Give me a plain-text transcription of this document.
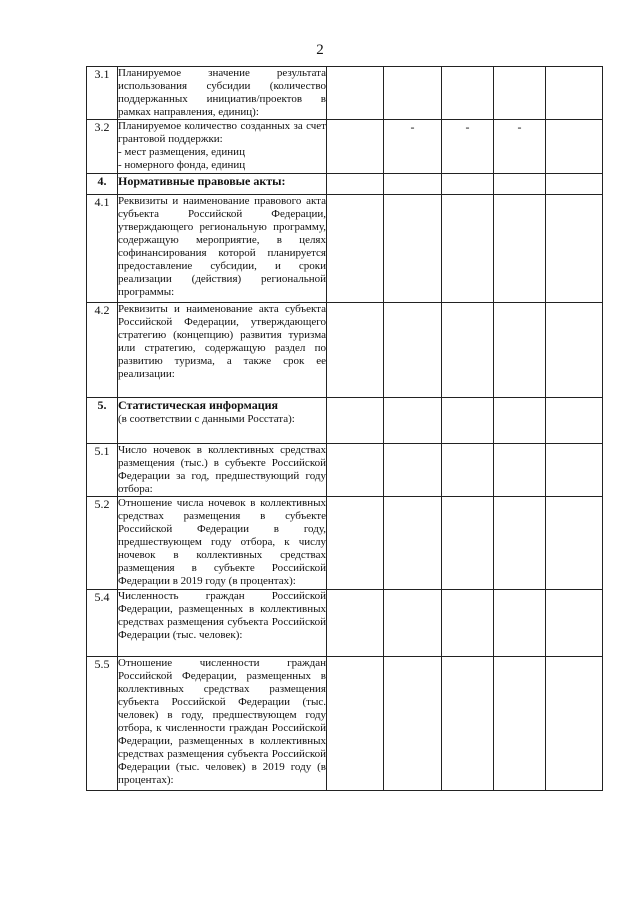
2
3.1	Планируемое значение результата использования субсидии (количество поддержанных инициатив/проектов в рамках направления, единиц):					

3.2	Планируемое количество созданных за счет грантовой поддержки:
- мест размещения, единиц
- номерного фонда, единиц		-	-	-	
4.	Нормативные правовые акты:					

4.1	Реквизиты и наименование правового акта субъекта Российской Федерации, утверждающего региональную программу, содержащую мероприятие, в целях софинансирования которой планируется предоставление субсидии, и сроки реализации (действия) региональной программы:					

4.2	Реквизиты и наименование акта субъекта Российской Федерации, утверждающего стратегию (концепцию) развития туризма или стратегию, содержащую раздел по развитию туризма, а также срок ее реализации:					

5.	Статистическая информация
(в соответствии с данными Росстата):					

5.1	Число ночевок в коллективных средствах размещения (тыс.) в субъекте Российской Федерации за год, предшествующий году отбора:					

5.2	Отношение числа ночевок в коллективных средствах размещения в субъекте Российской Федерации в году, предшествующем году отбора, к числу ночевок в коллективных средствах размещения в субъекте Российской Федерации в 2019 году (в процентах):					

5.4	Численность граждан Российской Федерации, размещенных в коллективных средствах размещения субъекта Российской Федерации (тыс. человек):					

5.5	Отношение численности граждан Российской Федерации, размещенных в коллективных средствах размещения субъекта Российской Федерации (тыс. человек) в году, предшествующем году отбора, к численности граждан Российской Федерации, размещенных в коллективных средствах размещения субъекта Российской Федерации (тыс. человек) в 2019 году (в процентах):					
